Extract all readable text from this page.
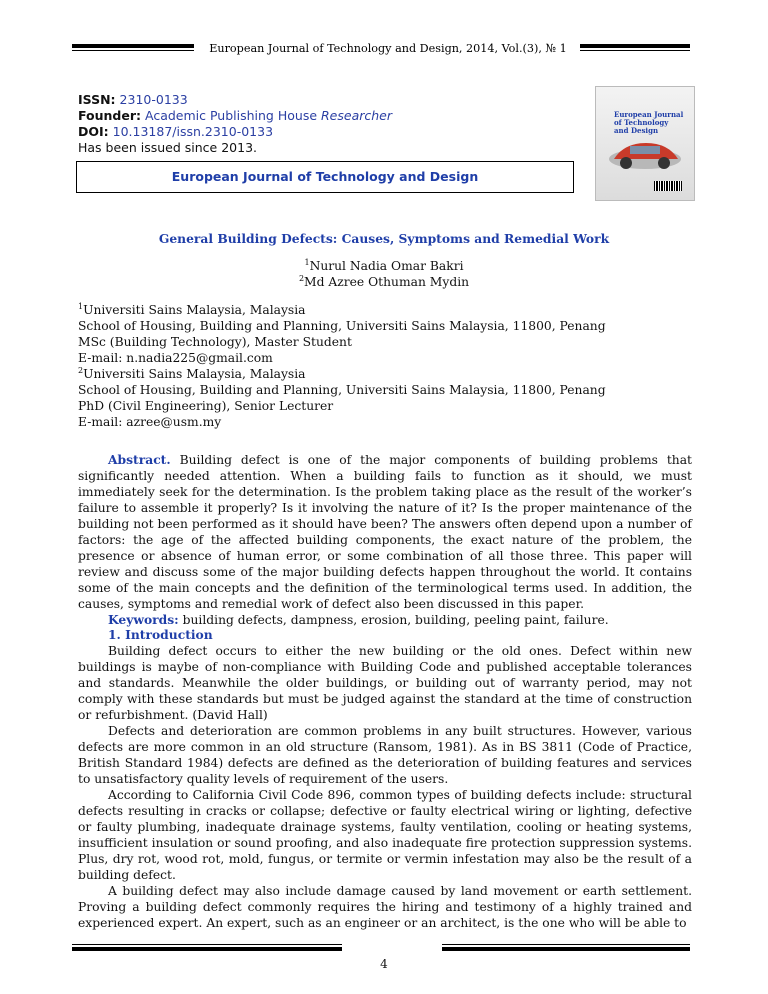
European Journal of Technology and Design, 2014, Vol.(3), № 1
ISSN: 2310-0133
Founder: Academic Publishing House Researcher
DOI: 10.13187/issn.2310-0133
Has been issued since 2013.
European Journal of Technology and Design
European Journal of Technology and Design
General Building Defects: Causes, Symptoms and Remedial Work
$^1$Nurul Nadia Omar Bakri
$^2$Md Azree Othuman Mydin
$^1$Universiti Sains Malaysia, Malaysia
School of Housing, Building and Planning, Universiti Sains Malaysia, 11800, Penang
MSc (Building Technology), Master Student
E-mail: n.nadia225@gmail.com
$^2$Universiti Sains Malaysia, Malaysia
School of Housing, Building and Planning, Universiti Sains Malaysia, 11800, Penang
PhD (Civil Engineering), Senior Lecturer
E-mail: azree@usm.my

Abstract. Building defect is one of the major components of building problems that significantly needed attention. When a building fails to function as it should, we must immediately seek for the determination. Is the problem taking place as the result of the worker’s failure to assemble it properly? Is it involving the nature of it? Is the proper maintenance of the building not been performed as it should have been? The answers often depend upon a number of factors: the age of the affected building components, the exact nature of the problem, the presence or absence of human error, or some combination of all those three. This paper will review and discuss some of the major building defects happen throughout the world. It contains some of the main concepts and the definition of the terminological terms used. In addition, the causes, symptoms and remedial work of defect also been discussed in this paper.

Keywords: building defects, dampness, erosion, building, peeling paint, failure.

1. Introduction

Building defect occurs to either the new building or the old ones. Defect within new buildings is maybe of non-compliance with Building Code and published acceptable tolerances and standards. Meanwhile the older buildings, or building out of warranty period, may not comply with these standards but must be judged against the standard at the time of construction or refurbishment. (David Hall)

Defects and deterioration are common problems in any built structures. However, various defects are more common in an old structure (Ransom, 1981). As in BS 3811 (Code of Practice, British Standard 1984) defects are defined as the deterioration of building features and services to unsatisfactory quality levels of requirement of the users.

According to California Civil Code 896, common types of building defects include: structural defects resulting in cracks or collapse; defective or faulty electrical wiring or lighting, defective or faulty plumbing, inadequate drainage systems, faulty ventilation, cooling or heating systems, insufficient insulation or sound proofing, and also inadequate fire protection suppression systems. Plus, dry rot, wood rot, mold, fungus, or termite or vermin infestation may also be the result of a building defect.

A building defect may also include damage caused by land movement or earth settlement. Proving a building defect commonly requires the hiring and testimony of a highly trained and experienced expert. An expert, such as an engineer or an architect, is the one who will be able to

4
